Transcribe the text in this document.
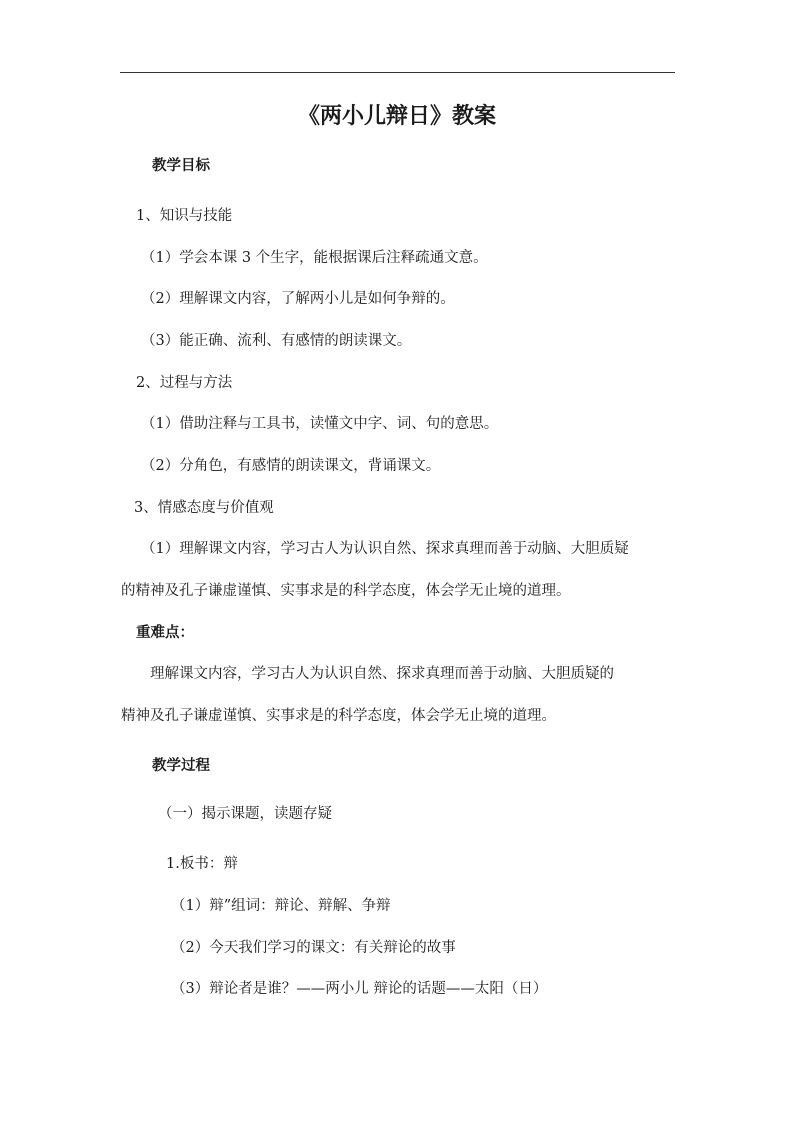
《两小儿辩日》教案
教学目标
1、知识与技能
（1）学会本课 3 个生字，能根据课后注释疏通文意。
（2）理解课文内容，了解两小儿是如何争辩的。
（3）能正确、流利、有感情的朗读课文。
2、过程与方法
（1）借助注释与工具书，读懂文中字、词、句的意思。
（2）分角色，有感情的朗读课文，背诵课文。
3、情感态度与价值观
（1）理解课文内容，学习古人为认识自然、探求真理而善于动脑、大胆质疑
的精神及孔子谦虚谨慎、实事求是的科学态度，体会学无止境的道理。
重难点：
理解课文内容，学习古人为认识自然、探求真理而善于动脑、大胆质疑的
精神及孔子谦虚谨慎、实事求是的科学态度，体会学无止境的道理。
教学过程
（一）揭示课题，读题存疑
1.板书：辩
（1）辩”组词：辩论、辩解、争辩
（2）今天我们学习的课文：有关辩论的故事
（3）辩论者是谁？——两小儿 辩论的话题——太阳（日）
